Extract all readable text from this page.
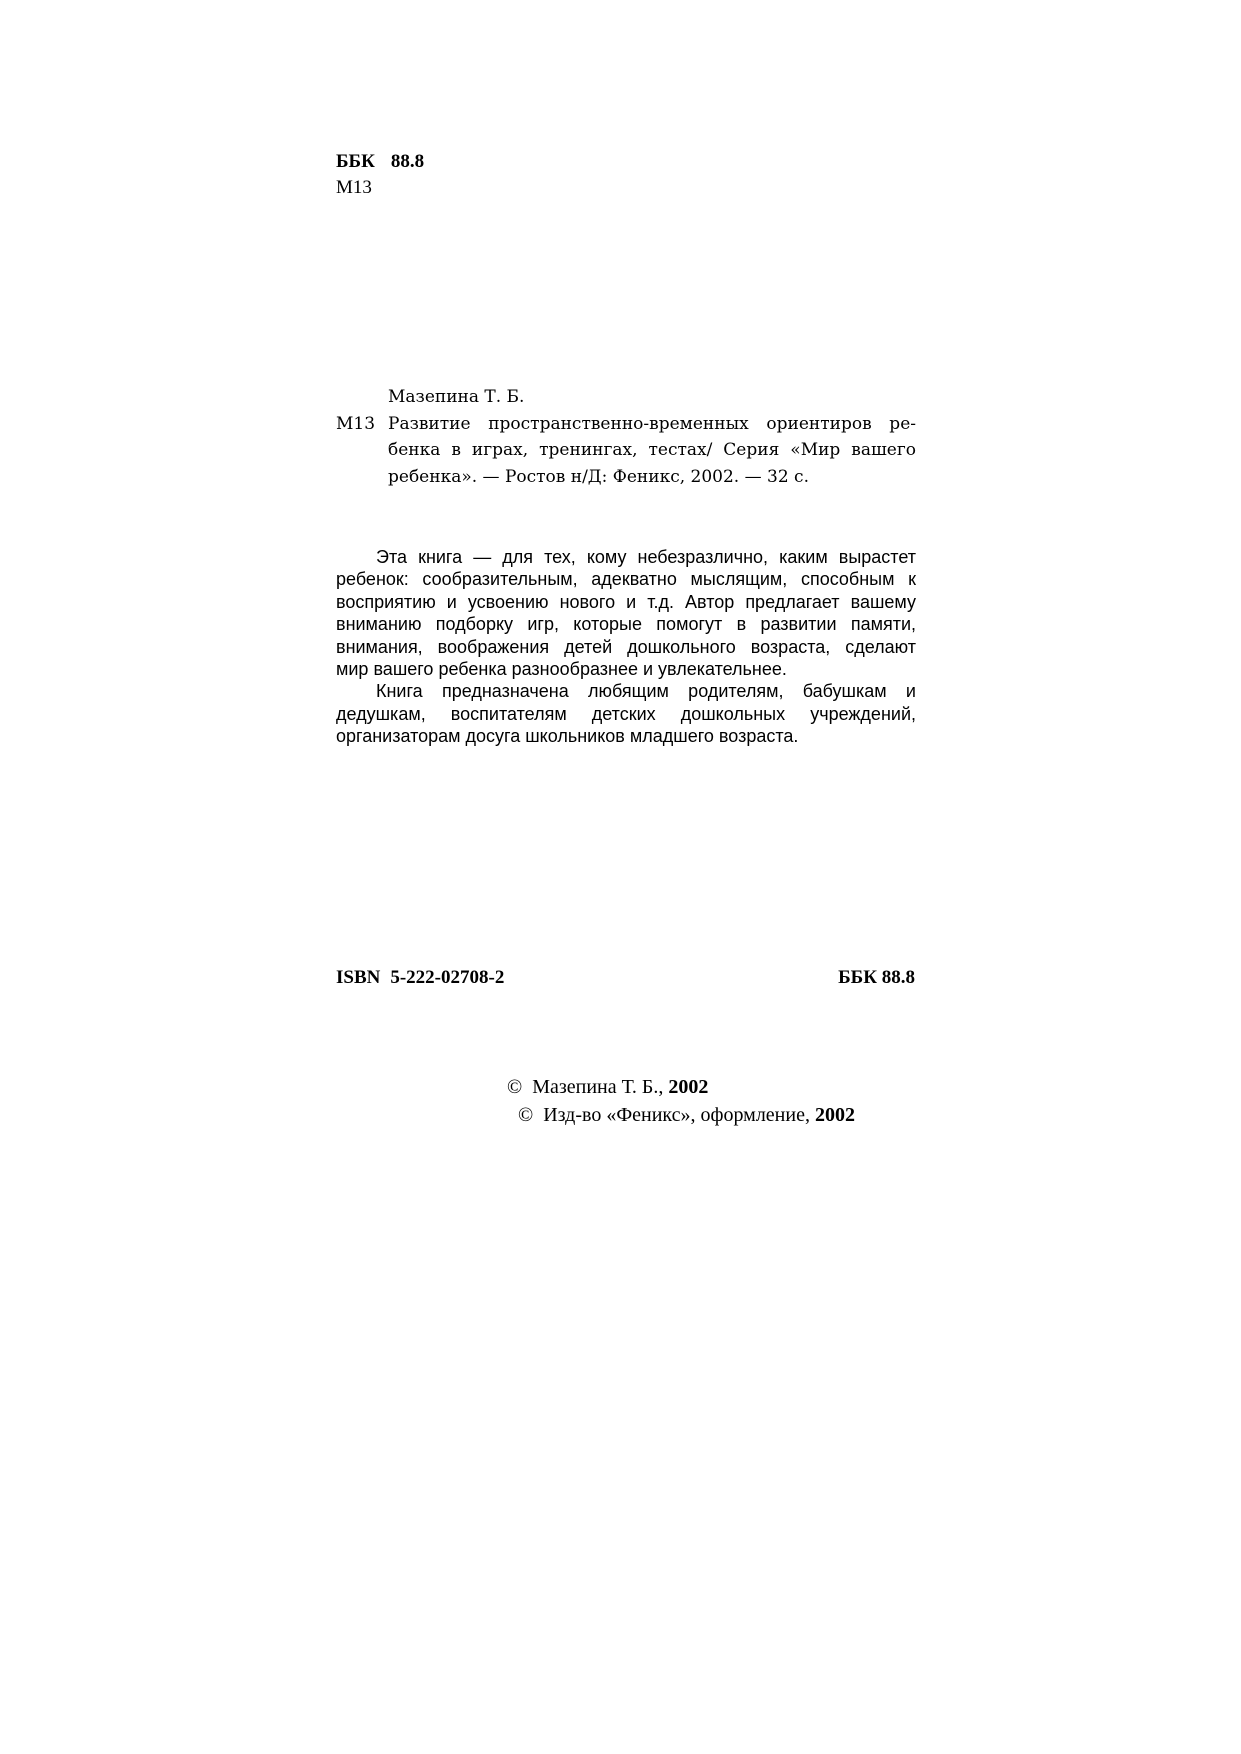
ББК 88.8
М13
Мазепина Т. Б.
М13 Развитие пространственно-временных ориентиров ре-
бенка в играх, тренингах, тестах/ Серия «Мир вашего
ребенка». — Ростов н/Д: Феникс, 2002. — 32 с.
Эта книга — для тех, кому небезразлично, каким вырастет
ребенок: сообразительным, адекватно мыслящим, способным к
восприятию и усвоению нового и т.д. Автор предлагает вашему
вниманию подборку игр, которые помогут в развитии памяти,
внимания, воображения детей дошкольного возраста, сделают
мир вашего ребенка разнообразнее и увлекательнее.
Книга предназначена любящим родителям, бабушкам и
дедушкам, воспитателям детских дошкольных учреждений,
организаторам досуга школьников младшего возраста.
ISBN 5-222-02708-2	ББК 88.8
© Мазепина Т. Б., 2002
© Изд-во «Феникс», оформление, 2002
